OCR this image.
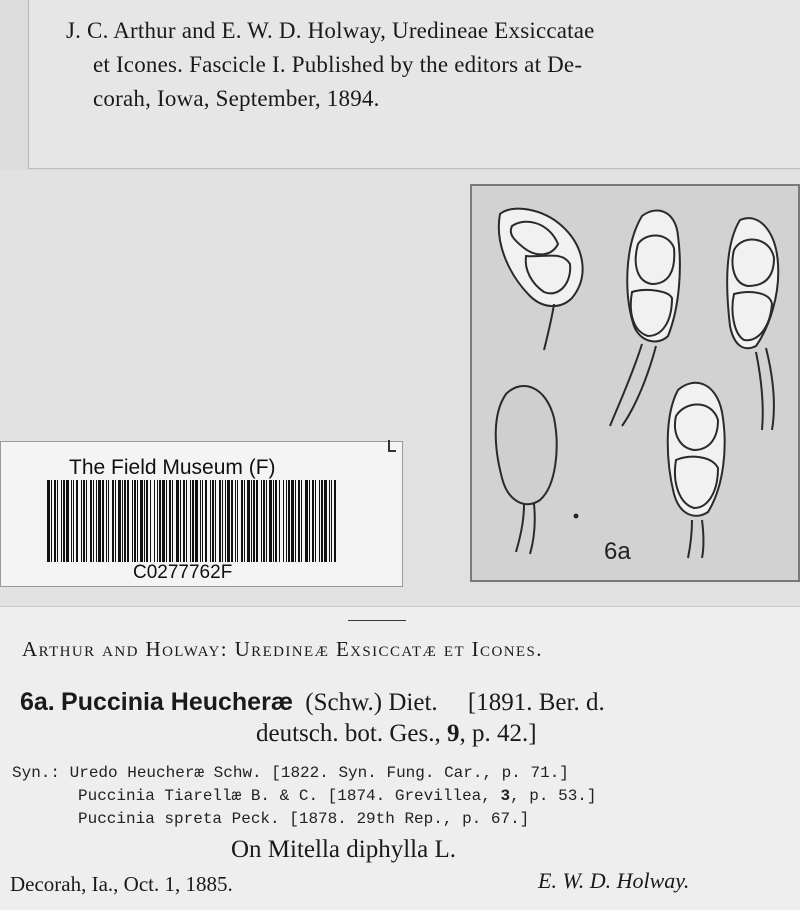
J. C. Arthur and E. W. D. Holway, Uredineae Exsiccatae
et Icones. Fascicle I. Published by the editors at De-
corah, Iowa, September, 1894.
6a
The Field Museum (F)
C0277762F
Arthur and Holway: Uredineæ Exsiccatæ et Icones.
6a. Puccinia Heucheræ (Schw.) Diet. [1891. Ber. d.
deutsch. bot. Ges., 9, p. 42.]
Syn.: Uredo Heucheræ Schw. [1822. Syn. Fung. Car., p. 71.]
Puccinia Tiarellæ B. & C. [1874. Grevillea, 3, p. 53.]
Puccinia spreta Peck. [1878. 29th Rep., p. 67.]
On Mitella diphylla L.
Decorah, Ia., Oct. 1, 1885.	E. W. D. Holway.
